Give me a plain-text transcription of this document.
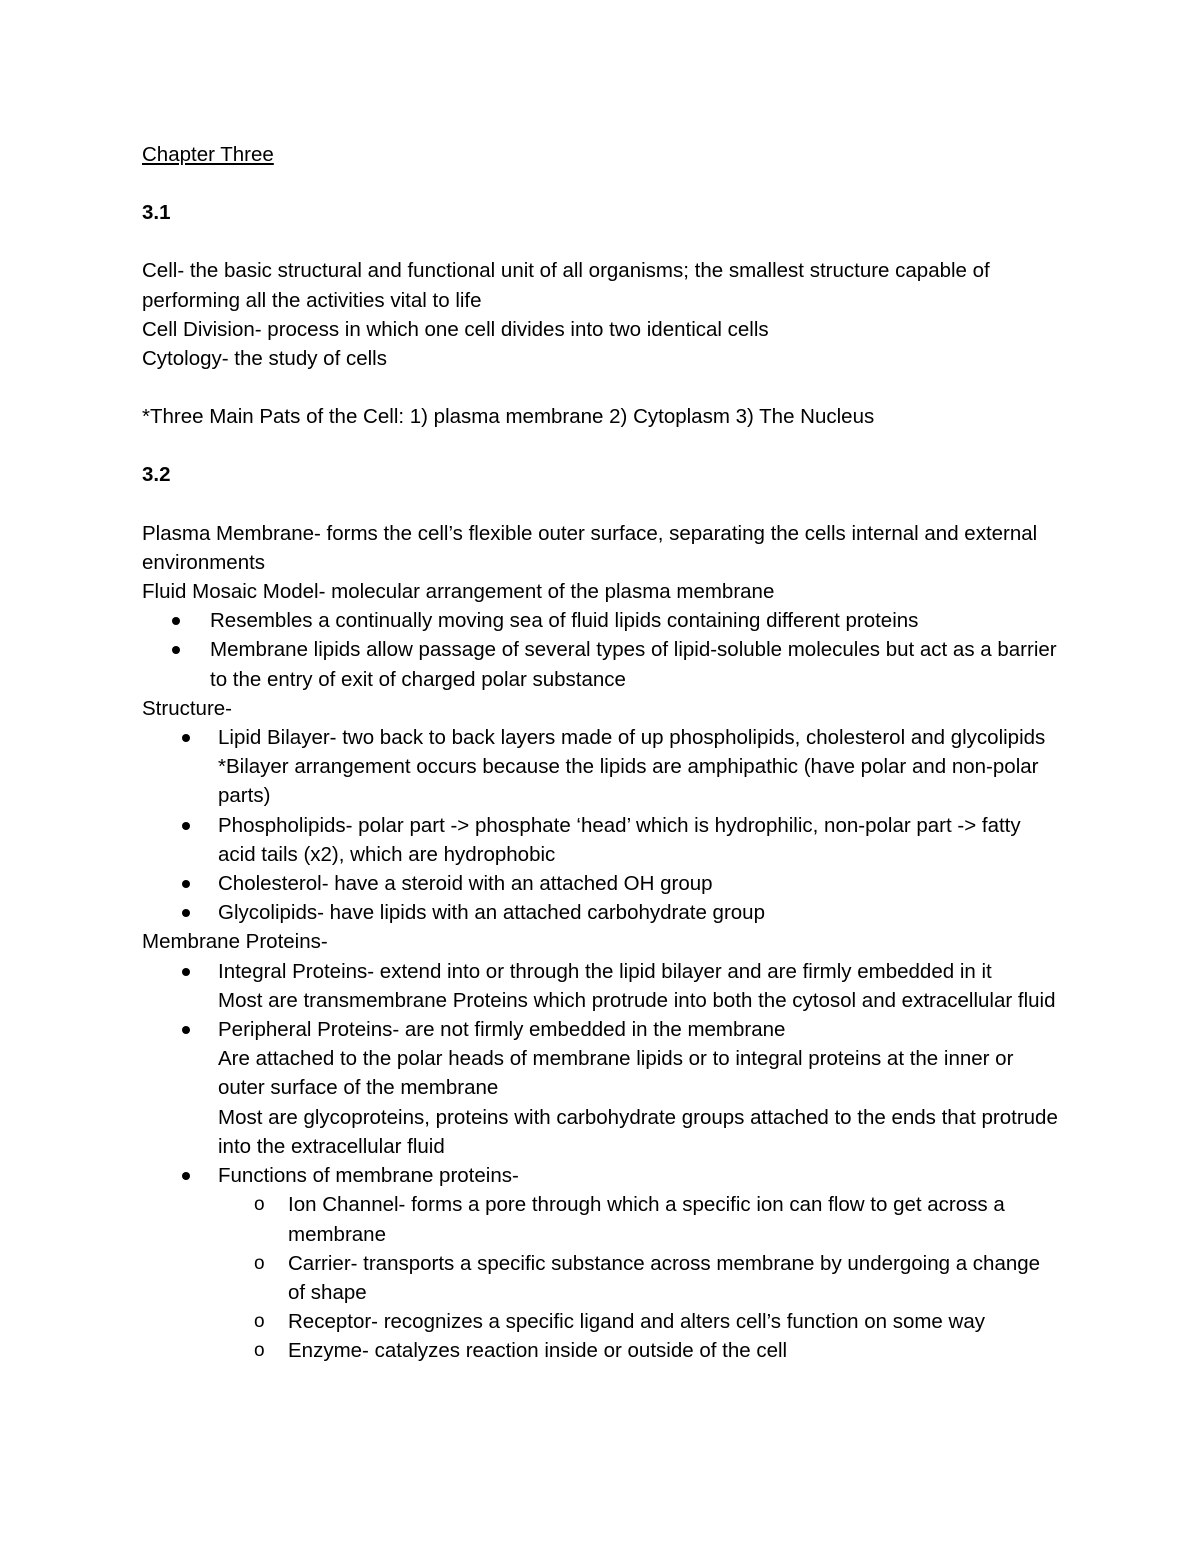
Chapter Three

3.1

Cell- the basic structural and functional unit of all organisms; the smallest structure capable of performing all the activities vital to life

Cell Division- process in which one cell divides into two identical cells

Cytology- the study of cells

*Three Main Pats of the Cell: 1) plasma membrane 2) Cytoplasm 3) The Nucleus

3.2

Plasma Membrane- forms the cell’s flexible outer surface, separating the cells internal and external environments

Fluid Mosaic Model- molecular arrangement of the plasma membrane

Resembles a continually moving sea of fluid lipids containing different proteins
Membrane lipids allow passage of several types of lipid-soluble molecules but act as a barrier to the entry of exit of charged polar substance

Structure-

Lipid Bilayer- two back to back layers made of up phospholipids, cholesterol and glycolipids
*Bilayer arrangement occurs because the lipids are amphipathic (have polar and non-polar parts)
Phospholipids- polar part -> phosphate ‘head’ which is hydrophilic, non-polar part -> fatty acid tails (x2), which are hydrophobic
Cholesterol- have a steroid with an attached OH group
Glycolipids- have lipids with an attached carbohydrate group

Membrane Proteins-

Integral Proteins- extend into or through the lipid bilayer and are firmly embedded in it
Most are transmembrane Proteins which protrude into both the cytosol and extracellular fluid
Peripheral Proteins- are not firmly embedded in the membrane
Are attached to the polar heads of membrane lipids or to integral proteins at the inner or outer surface of the membrane
Most are glycoproteins, proteins with carbohydrate groups attached to the ends that protrude into the extracellular fluid
Functions of membrane proteins-
o Ion Channel- forms a pore through which a specific ion can flow to get across a membrane
o Carrier- transports a specific substance across membrane by undergoing a change of shape
o Receptor- recognizes a specific ligand and alters cell’s function on some way
o Enzyme- catalyzes reaction inside or outside of the cell
